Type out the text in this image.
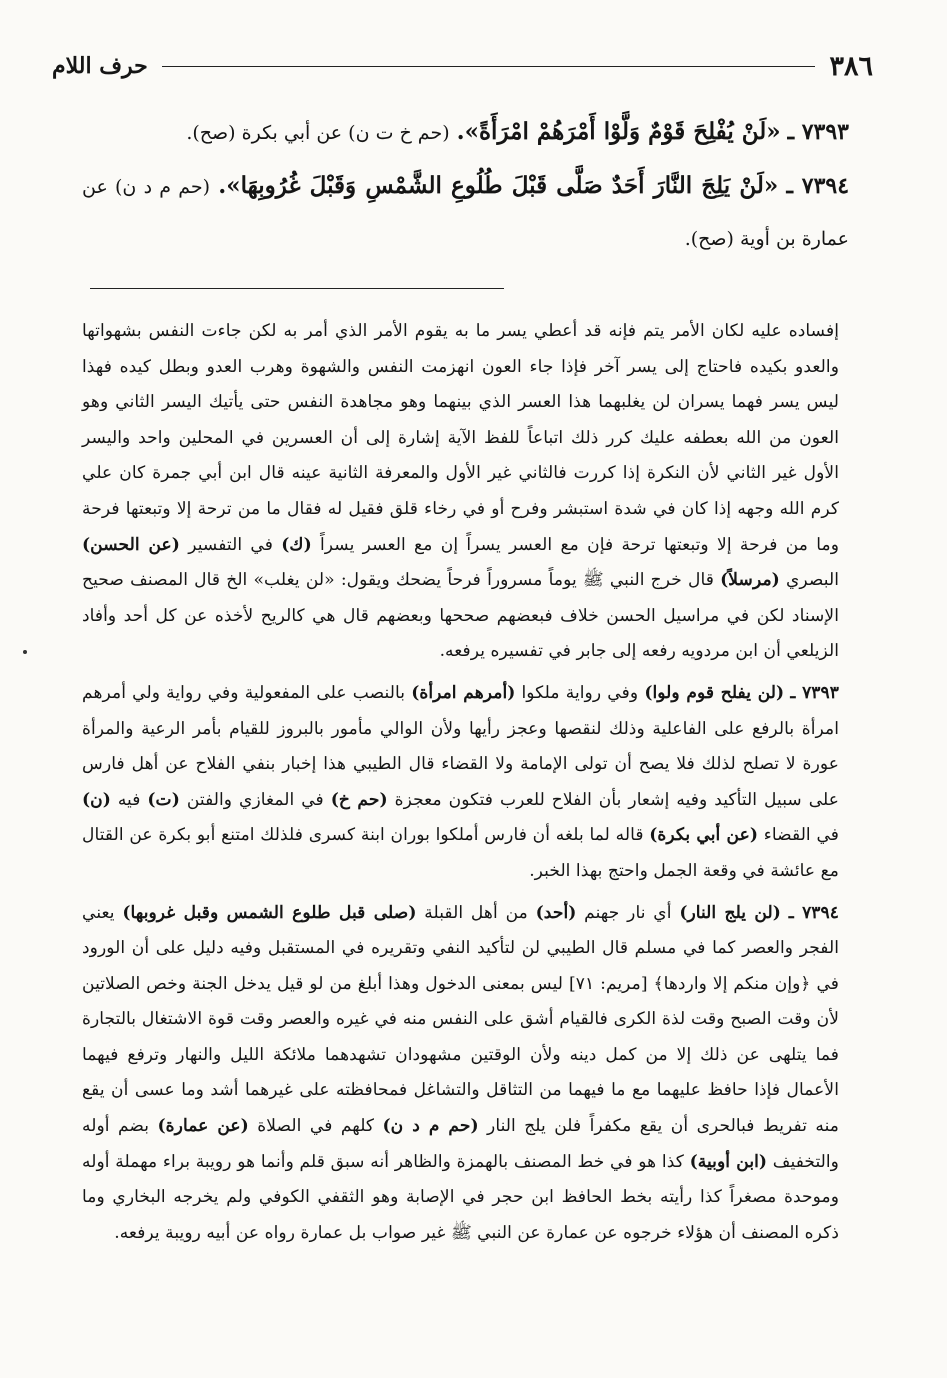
٣٨٦
حرف اللام
٧٣٩٣ ـ «لَنْ يُفْلِحَ قَوْمٌ وَلَّوْا أَمْرَهُمْ امْرَأَةً». (حم خ ت ن) عن أبي بكرة (صح).
٧٣٩٤ ـ «لَنْ يَلِجَ النَّارَ أَحَدٌ صَلَّى قَبْلَ طُلُوعِ الشَّمْسِ وَقَبْلَ غُرُوبِهَا». (حم م د ن) عن عمارة بن أوية (صح).

إفساده عليه لكان الأمر يتم فإنه قد أعطي يسر ما به يقوم الأمر الذي أمر به لكن جاءت النفس بشهواتها والعدو بكيده فاحتاج إلى يسر آخر فإذا جاء العون انهزمت النفس والشهوة وهرب العدو وبطل كيده فهذا ليس يسر فهما يسران لن يغلبهما هذا العسر الذي بينهما وهو مجاهدة النفس حتى يأتيك اليسر الثاني وهو العون من الله بعطفه عليك كرر ذلك اتباعاً للفظ الآية إشارة إلى أن العسرين في المحلين واحد واليسر الأول غير الثاني لأن النكرة إذا كررت فالثاني غير الأول والمعرفة الثانية عينه قال ابن أبي جمرة كان علي كرم الله وجهه إذا كان في شدة استبشر وفرح أو في رخاء قلق فقيل له فقال ما من ترحة إلا وتبعتها فرحة وما من فرحة إلا وتبعتها ترحة فإن مع العسر يسراً إن مع العسر يسراً (ك) في التفسير (عن الحسن) البصري (مرسلاً) قال خرج النبي ﷺ يوماً مسروراً فرحاً يضحك ويقول: «لن يغلب» الخ قال المصنف صحيح الإسناد لكن في مراسيل الحسن خلاف فبعضهم صححها وبعضهم قال هي كالريح لأخذه عن كل أحد وأفاد الزيلعي أن ابن مردويه رفعه إلى جابر في تفسيره يرفعه.

٧٣٩٣ ـ (لن يفلح قوم ولوا) وفي رواية ملكوا (أمرهم امرأة) بالنصب على المفعولية وفي رواية ولي أمرهم امرأة بالرفع على الفاعلية وذلك لنقصها وعجز رأيها ولأن الوالي مأمور بالبروز للقيام بأمر الرعية والمرأة عورة لا تصلح لذلك فلا يصح أن تولى الإمامة ولا القضاء قال الطيبي هذا إخبار بنفي الفلاح عن أهل فارس على سبيل التأكيد وفيه إشعار بأن الفلاح للعرب فتكون معجزة (حم خ) في المغازي والفتن (ت) فيه (ن) في القضاء (عن أبي بكرة) قاله لما بلغه أن فارس أملكوا بوران ابنة كسرى فلذلك امتنع أبو بكرة عن القتال مع عائشة في وقعة الجمل واحتج بهذا الخبر.

٧٣٩٤ ـ (لن يلج النار) أي نار جهنم (أحد) من أهل القبلة (صلى قبل طلوع الشمس وقبل غروبها) يعني الفجر والعصر كما في مسلم قال الطيبي لن لتأكيد النفي وتقريره في المستقبل وفيه دليل على أن الورود في ﴿وإن منكم إلا واردها﴾ [مريم: ٧١] ليس بمعنى الدخول وهذا أبلغ من لو قيل يدخل الجنة وخص الصلاتين لأن وقت الصبح وقت لذة الكرى فالقيام أشق على النفس منه في غيره والعصر وقت قوة الاشتغال بالتجارة فما يتلهى عن ذلك إلا من كمل دينه ولأن الوقتين مشهودان تشهدهما ملائكة الليل والنهار وترفع فيهما الأعمال فإذا حافظ عليهما مع ما فيهما من التثاقل والتشاغل فمحافظته على غيرهما أشد وما عسى أن يقع منه تفريط فبالحرى أن يقع مكفراً فلن يلج النار (حم م د ن) كلهم في الصلاة (عن عمارة) بضم أوله والتخفيف (ابن أوبية) كذا هو في خط المصنف بالهمزة والظاهر أنه سبق قلم وأنما هو رويبة براء مهملة أوله وموحدة مصغراً كذا رأيته بخط الحافظ ابن حجر في الإصابة وهو الثقفي الكوفي ولم يخرجه البخاري وما ذكره المصنف أن هؤلاء خرجوه عن عمارة عن النبي ﷺ غير صواب بل عمارة رواه عن أبيه رويبة يرفعه.
